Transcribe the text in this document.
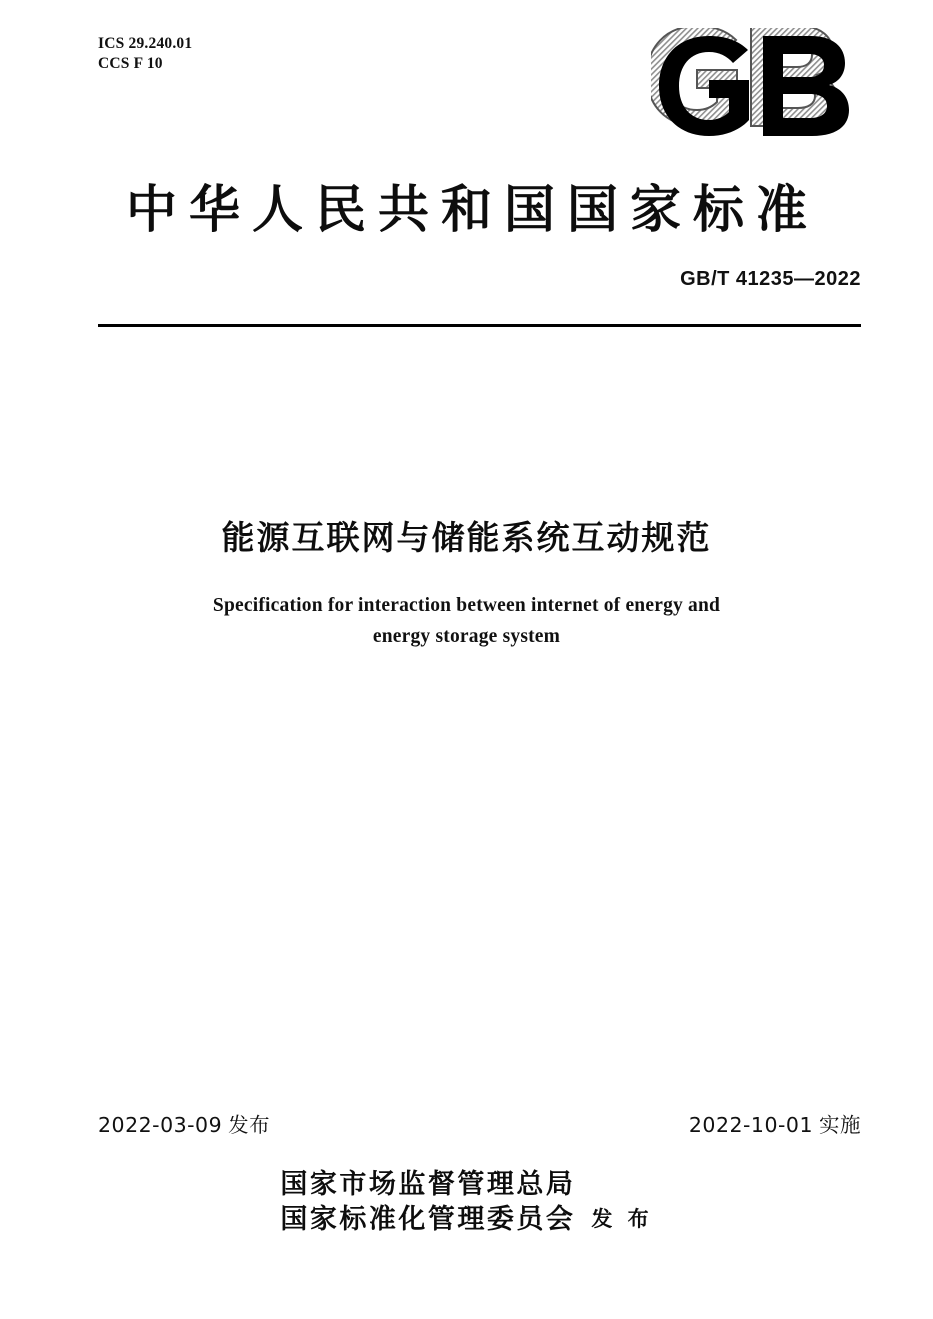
ICS 29.240.01
CCS F 10
中华人民共和国国家标准
GB/T 41235—2022
能源互联网与储能系统互动规范
Specification for interaction between internet of energy and
energy storage system
2022-03-09 发布	2022-10-01 实施
国家市场监督管理总局
国家标准化管理委员会 发 布
